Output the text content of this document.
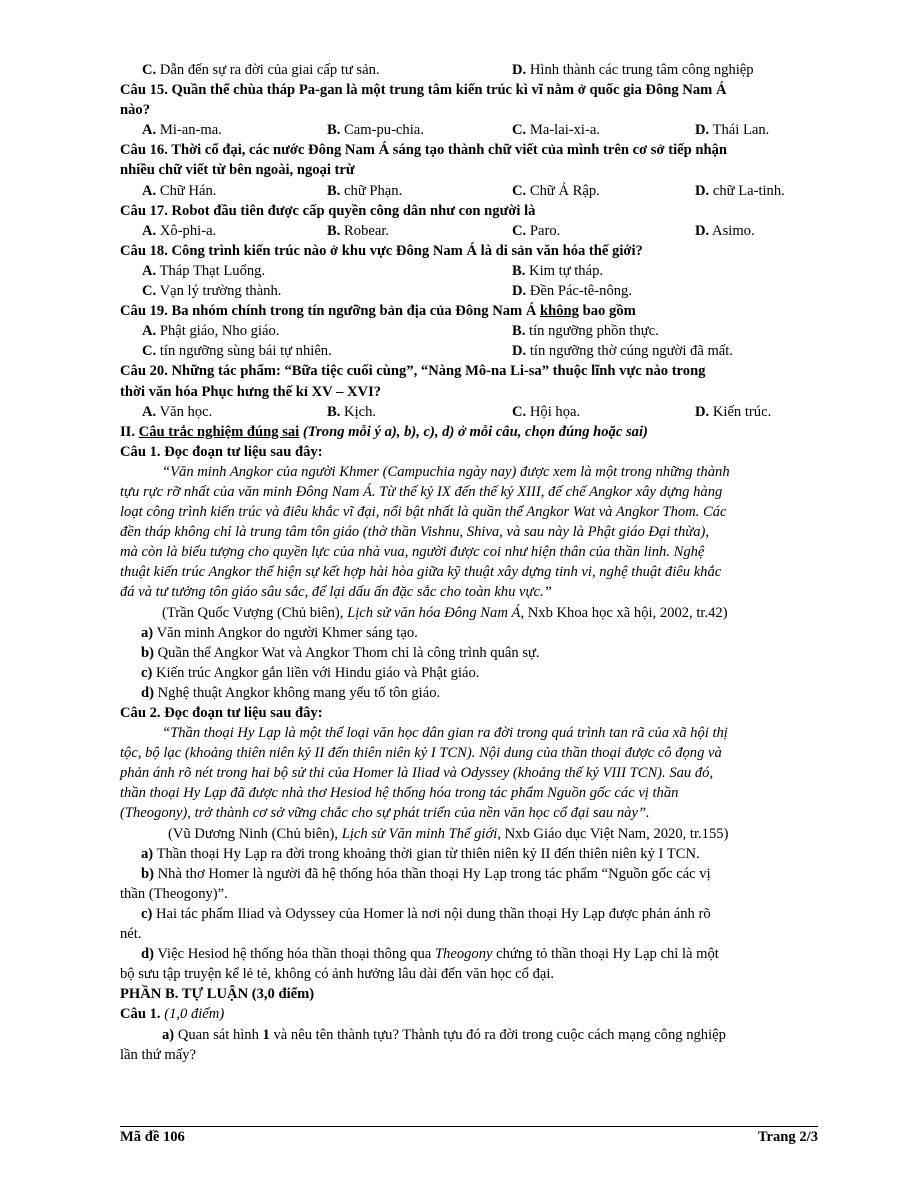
C. Dẫn đến sự ra đời của giai cấp tư sản.	D. Hình thành các trung tâm công nghiệp
Câu 15. Quần thể chùa tháp Pa-gan là một trung tâm kiến trúc kì vĩ nằm ở quốc gia Đông Nam Á
nào?
A. Mi-an-ma.	B. Cam-pu-chia.	C. Ma-lai-xi-a.	D. Thái Lan.
Câu 16. Thời cổ đại, các nước Đông Nam Á sáng tạo thành chữ viết của mình trên cơ sở tiếp nhận
nhiều chữ viết từ bên ngoài, ngoại trừ
A. Chữ Hán.	B. chữ Phạn.	C. Chữ Ả Rập.	D. chữ La-tinh.
Câu 17. Robot đầu tiên được cấp quyền công dân như con người là
A. Xô-phi-a.	B. Robear.	C. Paro.	D. Asimo.
Câu 18. Công trình kiến trúc nào ở khu vực Đông Nam Á là di sản văn hóa thế giới?
A. Tháp Thạt Luổng.	B. Kim tự tháp.
C. Vạn lý trường thành.	D. Đền Pác-tê-nông.
Câu 19. Ba nhóm chính trong tín ngưỡng bản địa của Đông Nam Á không bao gồm
A. Phật giáo, Nho giáo.	B. tín ngưỡng phồn thực.
C. tín ngưỡng sùng bái tự nhiên.	D. tín ngưỡng thờ cúng người đã mất.
Câu 20. Những tác phẩm: “Bữa tiệc cuối cùng”, “Nàng Mô-na Li-sa” thuộc lĩnh vực nào trong
thời văn hóa Phục hưng thế kỉ XV – XVI?
A. Văn học.	B. Kịch.	C. Hội họa.	D. Kiến trúc.
II. Câu trắc nghiệm đúng sai (Trong mỗi ý a), b), c), d) ở mỗi câu, chọn đúng hoặc sai)
Câu 1. Đọc đoạn tư liệu sau đây:
“Văn minh Angkor của người Khmer (Campuchia ngày nay) được xem là một trong những thành
tựu rực rỡ nhất của văn minh Đông Nam Á. Từ thế kỷ IX đến thế kỷ XIII, đế chế Angkor xây dựng hàng
loạt công trình kiến trúc và điêu khắc vĩ đại, nổi bật nhất là quần thể Angkor Wat và Angkor Thom. Các
đền tháp không chỉ là trung tâm tôn giáo (thờ thần Vishnu, Shiva, và sau này là Phật giáo Đại thừa),
mà còn là biểu tượng cho quyền lực của nhà vua, người được coi như hiện thân của thần linh. Nghệ
thuật kiến trúc Angkor thể hiện sự kết hợp hài hòa giữa kỹ thuật xây dựng tinh vi, nghệ thuật điêu khắc
đá và tư tưởng tôn giáo sâu sắc, để lại dấu ấn đặc sắc cho toàn khu vực.”
(Trần Quốc Vượng (Chủ biên), Lịch sử văn hóa Đông Nam Á, Nxb Khoa học xã hội, 2002, tr.42)
a) Văn minh Angkor do người Khmer sáng tạo.
b) Quần thể Angkor Wat và Angkor Thom chỉ là công trình quân sự.
c) Kiến trúc Angkor gắn liền với Hindu giáo và Phật giáo.
d) Nghệ thuật Angkor không mang yếu tố tôn giáo.
Câu 2. Đọc đoạn tư liệu sau đây:
“Thần thoại Hy Lạp là một thể loại văn học dân gian ra đời trong quá trình tan rã của xã hội thị
tộc, bộ lạc (khoảng thiên niên kỷ II đến thiên niên kỷ I TCN). Nội dung của thần thoại được cô đọng và
phản ánh rõ nét trong hai bộ sử thi của Homer là Iliad và Odyssey (khoảng thế kỷ VIII TCN). Sau đó,
thần thoại Hy Lạp đã được nhà thơ Hesiod hệ thống hóa trong tác phẩm Nguồn gốc các vị thần
(Theogony), trở thành cơ sở vững chắc cho sự phát triển của nền văn học cổ đại sau này”.
(Vũ Dương Ninh (Chủ biên), Lịch sử Văn minh Thế giới, Nxb Giáo dục Việt Nam, 2020, tr.155)
a) Thần thoại Hy Lạp ra đời trong khoảng thời gian từ thiên niên kỷ II đến thiên niên kỷ I TCN.
b) Nhà thơ Homer là người đã hệ thống hóa thần thoại Hy Lạp trong tác phẩm “Nguồn gốc các vị
thần (Theogony)”.
c) Hai tác phẩm Iliad và Odyssey của Homer là nơi nội dung thần thoại Hy Lạp được phản ánh rõ
nét.
d) Việc Hesiod hệ thống hóa thần thoại thông qua Theogony chứng tỏ thần thoại Hy Lạp chỉ là một
bộ sưu tập truyện kể lẻ tẻ, không có ảnh hưởng lâu dài đến văn học cổ đại.
PHẦN B. TỰ LUẬN (3,0 điểm)
Câu 1. (1,0 điểm)
a) Quan sát hình 1 và nêu tên thành tựu? Thành tựu đó ra đời trong cuộc cách mạng công nghiệp
lần thứ mấy?
Mã đề 106	Trang 2/3
